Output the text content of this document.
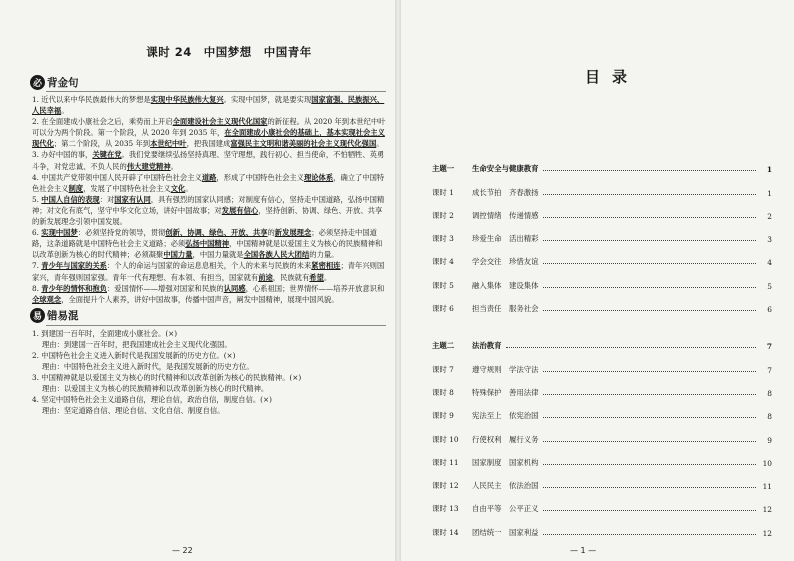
课时 24　中国梦想　中国青年
必 背金句

1. 近代以来中华民族最伟大的梦想是实现中华民族伟大复兴。实现中国梦，就是要实现国家富强、民族振兴、人民幸福。

2. 在全面建成小康社会之后，乘势而上开启全面建设社会主义现代化国家的新征程。从 2020 年到本世纪中叶可以分为两个阶段。第一个阶段，从 2020 年到 2035 年，在全面建成小康社会的基础上，基本实现社会主义现代化；第二个阶段，从 2035 年到本世纪中叶，把我国建成富强民主文明和谐美丽的社会主义现代化强国。

3. 办好中国的事，关键在党。我们党要继续弘扬坚持真理、坚守理想，践行初心、担当使命，不怕牺牲、英勇斗争，对党忠诚、不负人民的伟大建党精神。

4. 中国共产党带领中国人民开辟了中国特色社会主义道路，形成了中国特色社会主义理论体系，确立了中国特色社会主义制度，发展了中国特色社会主义文化。

5. 中国人自信的表现：对国家有认同，具有强烈的国家认同感；对制度有信心，坚持走中国道路，弘扬中国精神；对文化有底气，坚守中华文化立场，讲好中国故事；对发展有信心，坚持创新、协调、绿色、开放、共享的新发展理念引领中国发展。

6. 实现中国梦：必须坚持党的领导，贯彻创新、协调、绿色、开放、共享的新发展理念；必须坚持走中国道路，这条道路就是中国特色社会主义道路；必须弘扬中国精神，中国精神就是以爱国主义为核心的民族精神和以改革创新为核心的时代精神；必须凝聚中国力量，中国力量就是全国各族人民大团结的力量。

7. 青少年与国家的关系：个人的命运与国家的命运息息相关，个人的未来与民族的未来紧密相连；青年兴则国家兴，青年强则国家强。青年一代有理想、有本领、有担当，国家就有前途，民族就有希望。

8. 青少年的情怀和抱负：爱国情怀——增强对国家和民族的认同感，心系祖国；世界情怀——培养开放意识和全球观念，全面提升个人素养，讲好中国故事，传播中国声音，阐发中国精神，展现中国风貌。

易 错易混

1. 到建国一百年时，全面建成小康社会。(×)
理由：到建国一百年时，把我国建成社会主义现代化强国。

2. 中国特色社会主义进入新时代是我国发展新的历史方位。(×)
理由：中国特色社会主义进入新时代，是我国发展新的历史方位。

3. 中国精神就是以爱国主义为核心的时代精神和以改革创新为核心的民族精神。(×)
理由：以爱国主义为核心的民族精神和以改革创新为核心的时代精神。

4. 坚定中国特色社会主义道路自信，理论自信，政治自信，制度自信。(×)
理由：坚定道路自信、理论自信、文化自信、制度自信。

— 22
目录
主题一	生命安全与健康教育	1
课时 1	成长节拍　齐春激扬	1
课时 2	调控情绪　传递情感	2
课时 3	珍爱生命　活出精彩	3
课时 4	学会交往　珍惜友谊	4
课时 5	融入集体　建设集体	5
课时 6	担当责任　服务社会	6
主题二	法治教育	7
课时 7	遵守规则　学法守法	7
课时 8	特殊保护　善用法律	8
课时 9	宪法至上　依宪治国	8
课时 10	行使权利　履行义务	9
课时 11	国家制度　国家机构	10
课时 12	人民民主　依法治国	11
课时 13	自由平等　公平正义	12
课时 14	团结统一　国家利益	12
— 1 —
